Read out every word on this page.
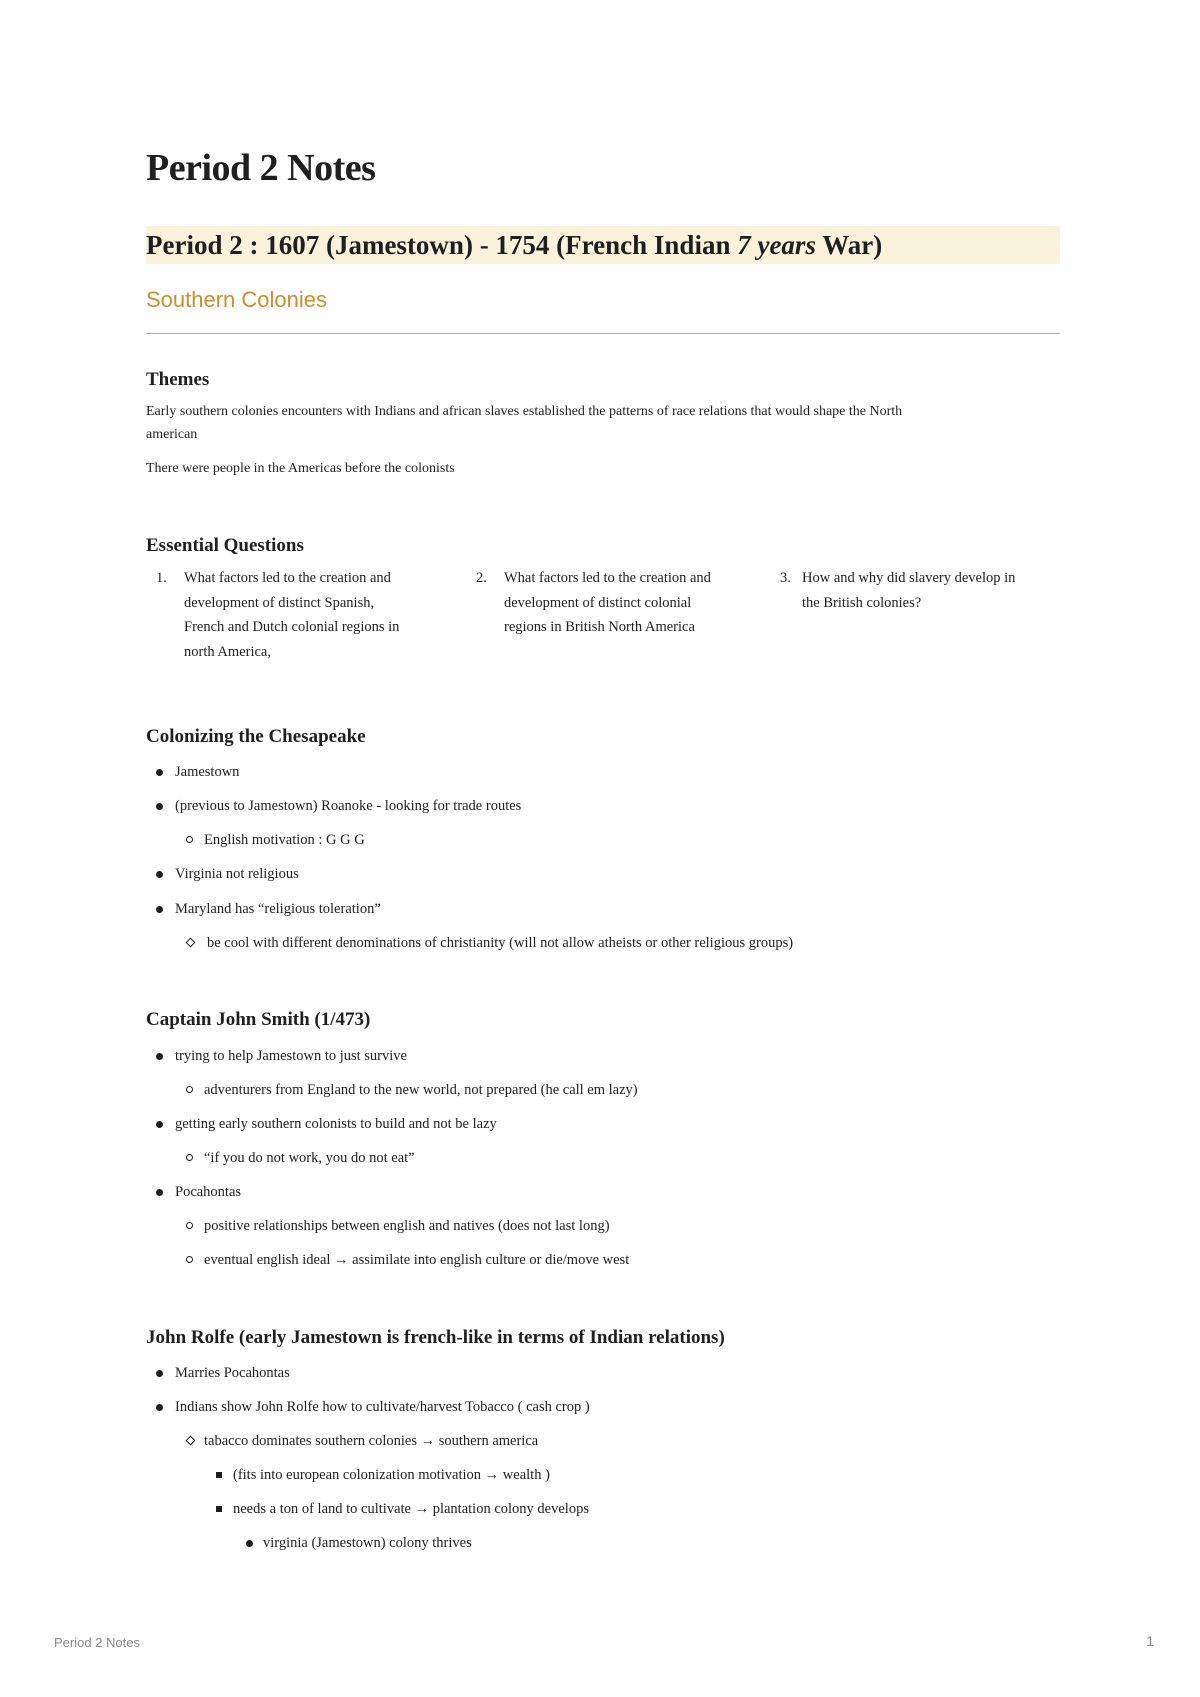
Period 2 Notes
Period 2 : 1607 (Jamestown) - 1754 (French Indian 7 years War)
Southern Colonies
Themes

Early southern colonies encounters with Indians and african slaves established the patterns of race relations that would shape the North

american

There were people in the Americas before the colonists

Essential Questions
1. What factors led to the creation and
development of distinct Spanish,
French and Dutch colonial regions in
north America,
2. What factors led to the creation and
development of distinct colonial
regions in British North America
3. How and why did slavery develop in
the British colonies?
Colonizing the Chesapeake
Jamestown
(previous to Jamestown) Roanoke - looking for trade routes
English motivation : G G G
Virginia not religious
Maryland has “religious toleration”
be cool with different denominations of christianity (will not allow atheists or other religious groups)
Captain John Smith (1/473)
trying to help Jamestown to just survive
adventurers from England to the new world, not prepared (he call em lazy)
getting early southern colonists to build and not be lazy
“if you do not work, you do not eat”
Pocahontas
positive relationships between english and natives (does not last long)
eventual english ideal → assimilate into english culture or die/move west
John Rolfe (early Jamestown is french-like in terms of Indian relations)
Marries Pocahontas
Indians show John Rolfe how to cultivate/harvest Tobacco ( cash crop )
tabacco dominates southern colonies → southern america
(fits into european colonization motivation → wealth )
needs a ton of land to cultivate → plantation colony develops
virginia (Jamestown) colony thrives
Period 2 Notes	1
